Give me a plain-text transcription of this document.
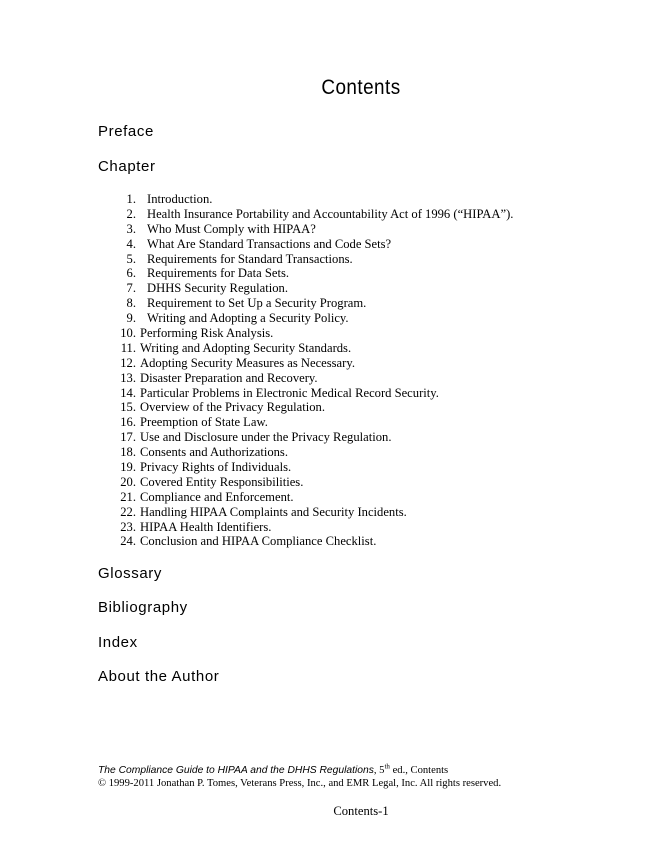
Contents
Preface
Chapter
1. Introduction.
2. Health Insurance Portability and Accountability Act of 1996 (“HIPAA”).
3. Who Must Comply with HIPAA?
4. What Are Standard Transactions and Code Sets?
5. Requirements for Standard Transactions.
6. Requirements for Data Sets.
7. DHHS Security Regulation.
8. Requirement to Set Up a Security Program.
9. Writing and Adopting a Security Policy.
10. Performing Risk Analysis.
11. Writing and Adopting Security Standards.
12. Adopting Security Measures as Necessary.
13. Disaster Preparation and Recovery.
14. Particular Problems in Electronic Medical Record Security.
15. Overview of the Privacy Regulation.
16. Preemption of State Law.
17. Use and Disclosure under the Privacy Regulation.
18. Consents and Authorizations.
19. Privacy Rights of Individuals.
20. Covered Entity Responsibilities.
21. Compliance and Enforcement.
22. Handling HIPAA Complaints and Security Incidents.
23. HIPAA Health Identifiers.
24. Conclusion and HIPAA Compliance Checklist.
Glossary
Bibliography
Index
About the Author
The Compliance Guide to HIPAA and the DHHS Regulations, 5th ed., Contents
© 1999-2011 Jonathan P. Tomes, Veterans Press, Inc., and EMR Legal, Inc. All rights reserved.
Contents-1
